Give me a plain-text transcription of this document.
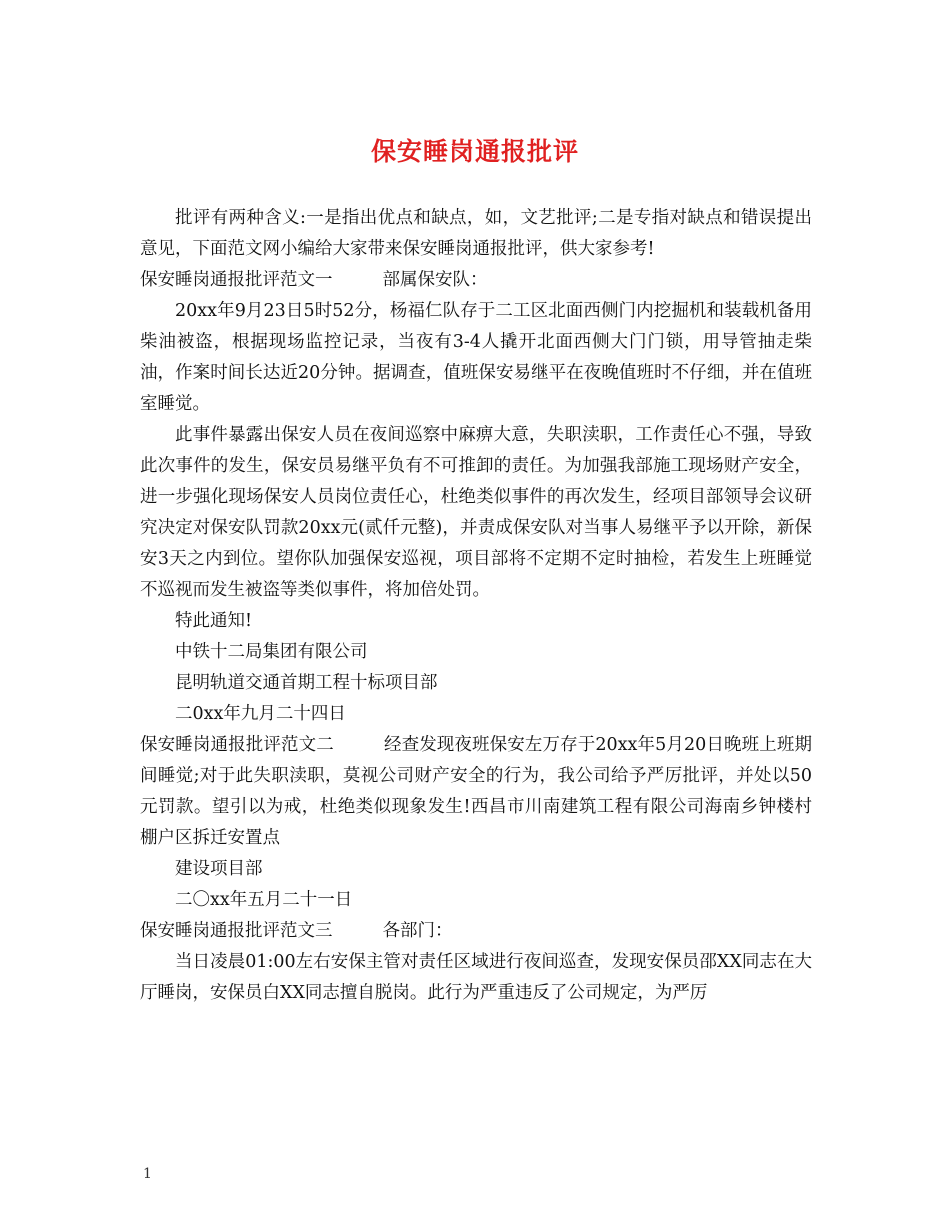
保安睡岗通报批评

批评有两种含义:一是指出优点和缺点，如，文艺批评;二是专指对缺点和错误提出意见，下面范文网小编给大家带来保安睡岗通报批评，供大家参考!

保安睡岗通报批评范文一	部属保安队：

20xx年9月23日5时52分，杨福仁队存于二工区北面西侧门内挖掘机和装载机备用柴油被盗，根据现场监控记录，当夜有3-4人撬开北面西侧大门门锁，用导管抽走柴油，作案时间长达近20分钟。据调查，值班保安易继平在夜晚值班时不仔细，并在值班室睡觉。

此事件暴露出保安人员在夜间巡察中麻痹大意，失职渎职，工作责任心不强，导致此次事件的发生，保安员易继平负有不可推卸的责任。为加强我部施工现场财产安全，进一步强化现场保安人员岗位责任心，杜绝类似事件的再次发生，经项目部领导会议研究决定对保安队罚款20xx元(贰仟元整)，并责成保安队对当事人易继平予以开除，新保安3天之内到位。望你队加强保安巡视，项目部将不定期不定时抽检，若发生上班睡觉不巡视而发生被盗等类似事件，将加倍处罚。

特此通知!

中铁十二局集团有限公司

昆明轨道交通首期工程十标项目部

二0xx年九月二十四日

保安睡岗通报批评范文二	经查发现夜班保安左万存于20xx年5月20日晚班上班期间睡觉;对于此失职渎职，莫视公司财产安全的行为，我公司给予严厉批评，并处以50元罚款。望引以为戒，杜绝类似现象发生!西昌市川南建筑工程有限公司海南乡钟楼村棚户区拆迁安置点

建设项目部

二〇xx年五月二十一日

保安睡岗通报批评范文三	各部门：

当日凌晨01:00左右安保主管对责任区域进行夜间巡查，发现安保员邵XX同志在大厅睡岗，安保员白XX同志擅自脱岗。此行为严重违反了公司规定，为严厉

1
